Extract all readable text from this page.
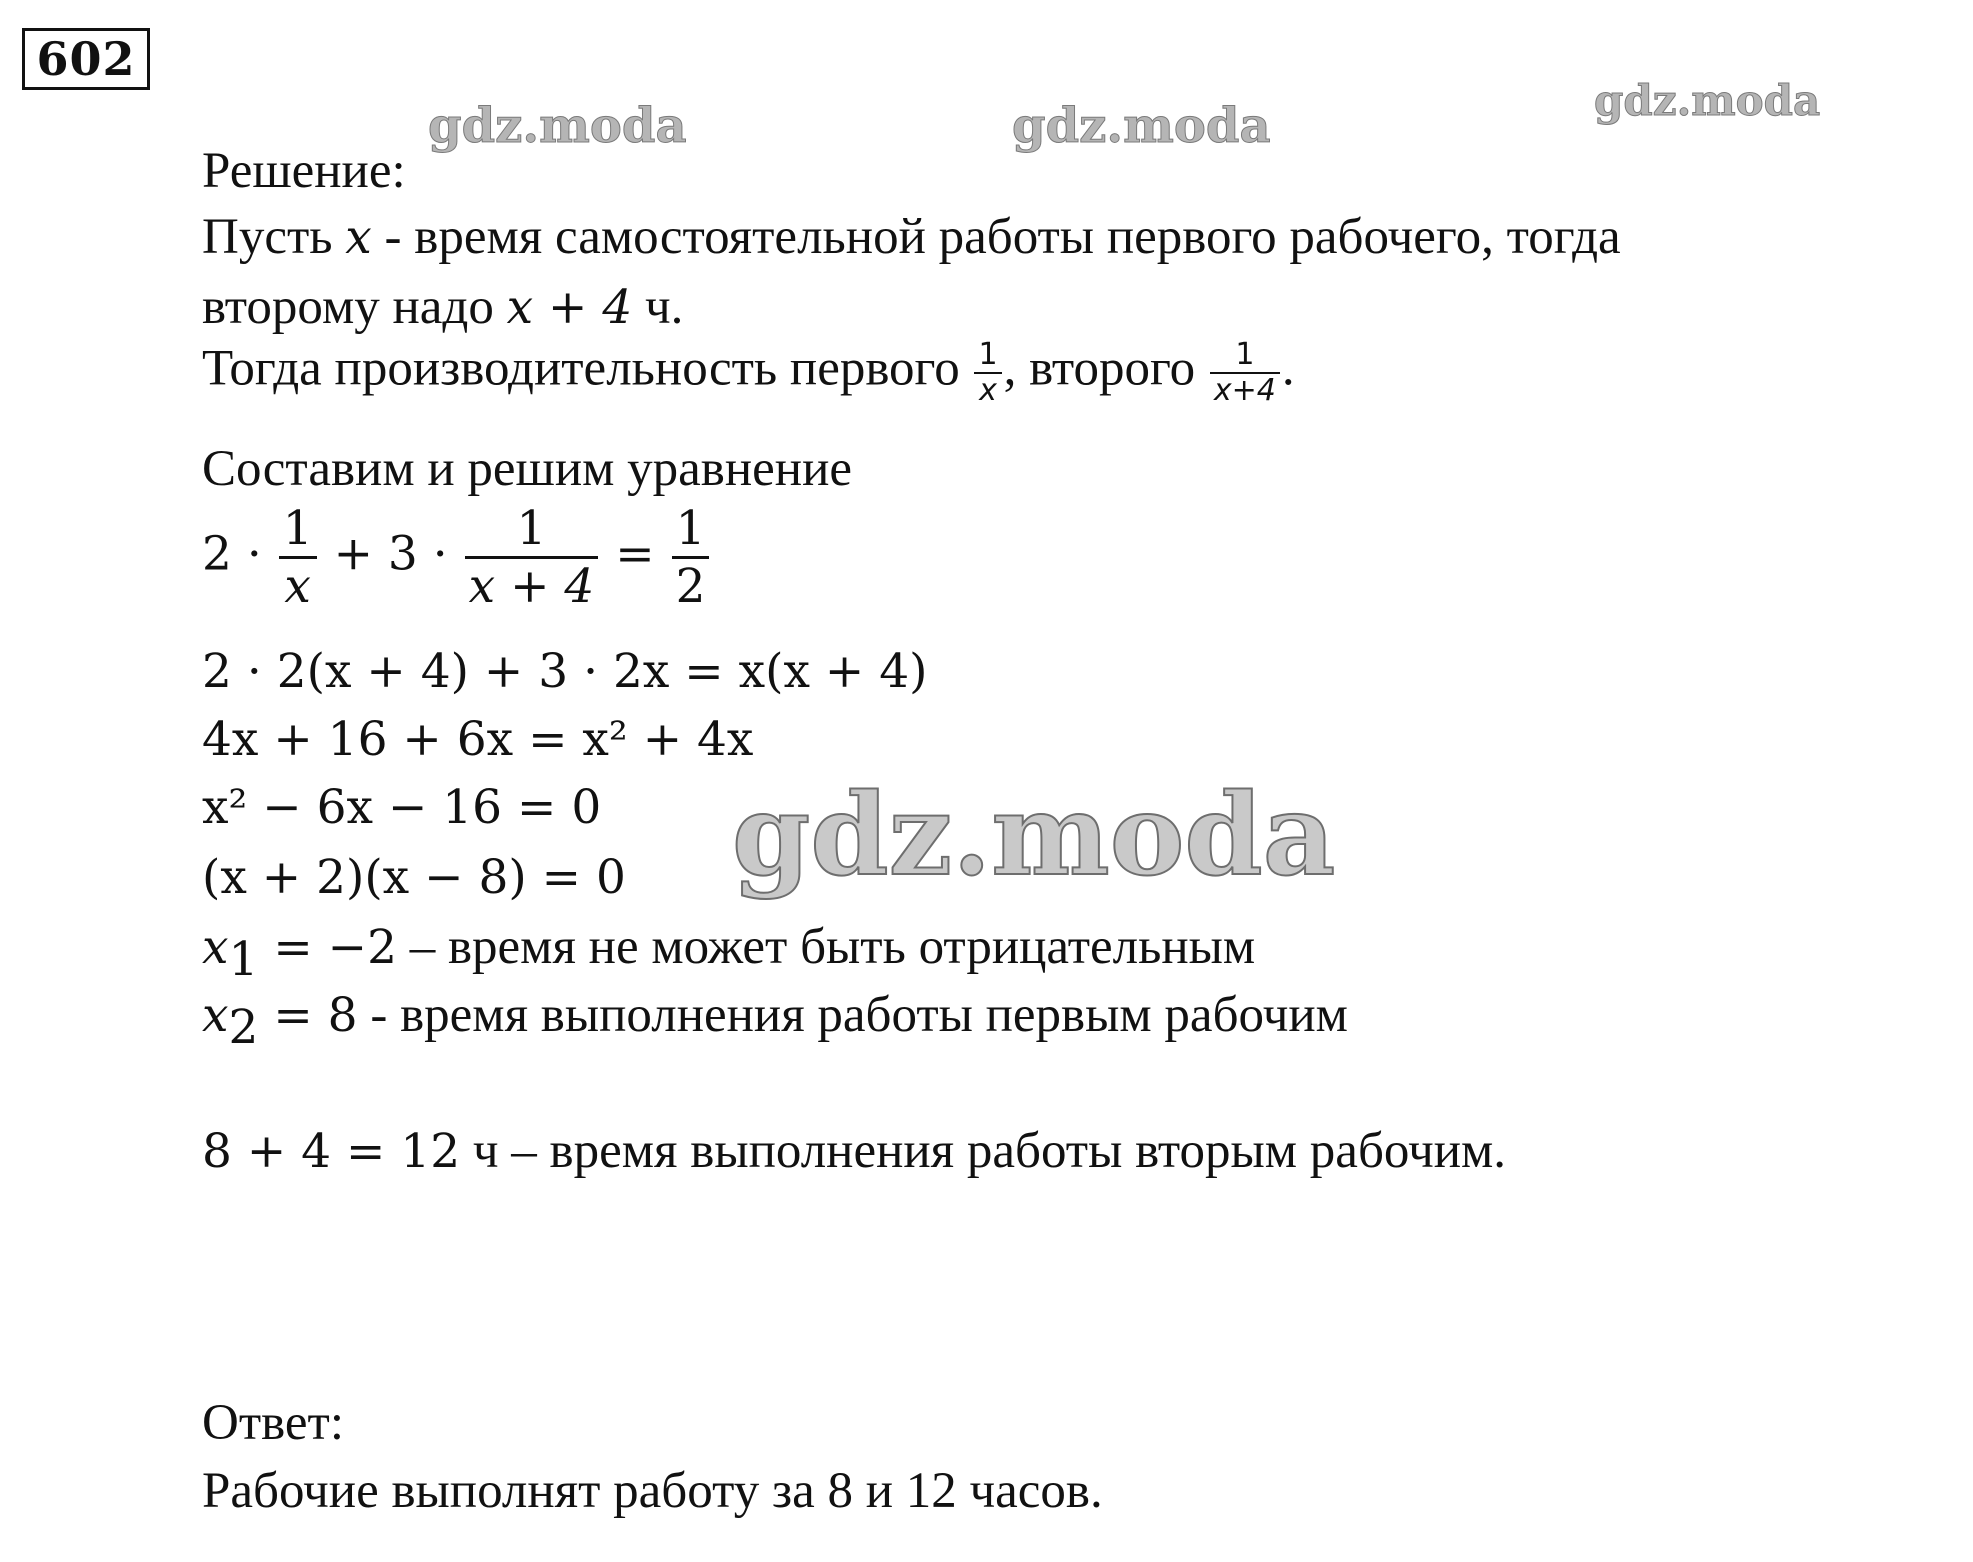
602
gdz.moda	gdz.moda	gdz.moda
gdz.moda
Решение:
Пусть x - время самостоятельной работы первого рабочего, тогда
второму надо x + 4 ч.
Тогда производительность первого $\frac{1}{x}$ , второго $\frac{1}{x+4}$ .
Составим и решим уравнение
$2 \cdot \frac{1}{x} + 3 \cdot \frac{1}{x + 4} = \frac{1}{2}$
2 · 2(x + 4) + 3 · 2x = x(x + 4)
4x + 16 + 6x = x² + 4x
x² − 6x − 16 = 0
(x + 2)(x − 8) = 0
$x_1 = -2$ – время не может быть отрицательным
$x_2 = 8$ - время выполнения работы первым рабочим
8 + 4 = 12 ч – время выполнения работы вторым рабочим.
Ответ:
Рабочие выполнят работу за 8 и 12 часов.
